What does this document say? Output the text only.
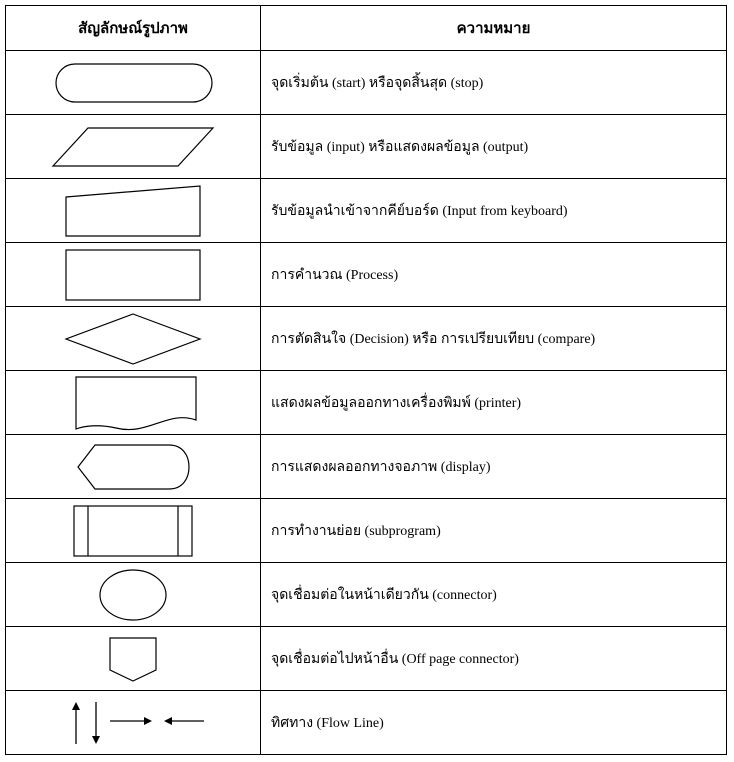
สัญลักษณ์รูปภาพ	ความหมาย

	จุดเริ่มต้น (start) หรือจุดสิ้นสุด (stop)

	รับข้อมูล (input) หรือแสดงผลข้อมูล (output)

	รับข้อมูลนำเข้าจากคีย์บอร์ด (Input from keyboard)

	การคำนวณ (Process)

	การตัดสินใจ (Decision) หรือ การเปรียบเทียบ (compare)

	แสดงผลข้อมูลออกทางเครื่องพิมพ์ (printer)

	การแสดงผลออกทางจอภาพ (display)

	การทำงานย่อย (subprogram)

	จุดเชื่อมต่อในหน้าเดียวกัน (connector)

	จุดเชื่อมต่อไปหน้าอื่น (Off page connector)

	ทิศทาง (Flow Line)
